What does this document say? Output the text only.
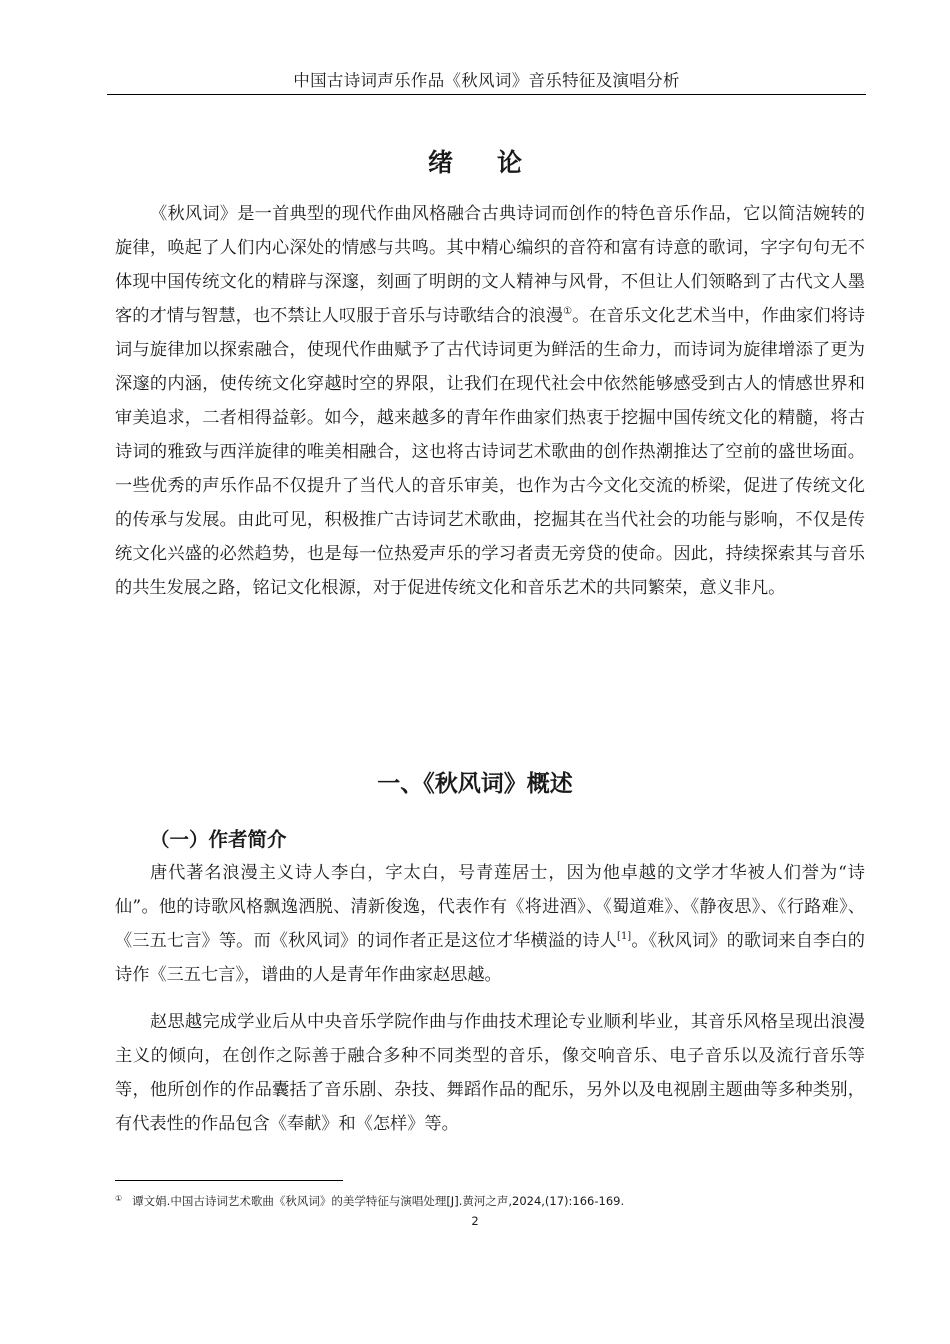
中国古诗词声乐作品《秋风词》音乐特征及演唱分析
绪论

《秋风词》是一首典型的现代作曲风格融合古典诗词而创作的特色音乐作品，它以简洁婉转的旋律，唤起了人们内心深处的情感与共鸣。其中精心编织的音符和富有诗意的歌词，字字句句无不体现中国传统文化的精辟与深邃，刻画了明朗的文人精神与风骨，不但让人们领略到了古代文人墨客的才情与智慧，也不禁让人叹服于音乐与诗歌结合的浪漫①。在音乐文化艺术当中，作曲家们将诗词与旋律加以探索融合，使现代作曲赋予了古代诗词更为鲜活的生命力，而诗词为旋律增添了更为深邃的内涵，使传统文化穿越时空的界限，让我们在现代社会中依然能够感受到古人的情感世界和审美追求，二者相得益彰。如今，越来越多的青年作曲家们热衷于挖掘中国传统文化的精髓，将古诗词的雅致与西洋旋律的唯美相融合，这也将古诗词艺术歌曲的创作热潮推达了空前的盛世场面。一些优秀的声乐作品不仅提升了当代人的音乐审美，也作为古今文化交流的桥梁，促进了传统文化的传承与发展。由此可见，积极推广古诗词艺术歌曲，挖掘其在当代社会的功能与影响，不仅是传统文化兴盛的必然趋势，也是每一位热爱声乐的学习者责无旁贷的使命。因此，持续探索其与音乐的共生发展之路，铭记文化根源，对于促进传统文化和音乐艺术的共同繁荣，意义非凡。

一、《秋风词》概述
（一）作者简介

唐代著名浪漫主义诗人李白，字太白，号青莲居士，因为他卓越的文学才华被人们誉为“诗仙”。他的诗歌风格飘逸洒脱、清新俊逸，代表作有《将进酒》、《蜀道难》、《静夜思》、《行路难》、《三五七言》等。而《秋风词》的词作者正是这位才华横溢的诗人[1]。《秋风词》的歌词来自李白的诗作《三五七言》，谱曲的人是青年作曲家赵思越。

赵思越完成学业后从中央音乐学院作曲与作曲技术理论专业顺利毕业，其音乐风格呈现出浪漫主义的倾向，在创作之际善于融合多种不同类型的音乐，像交响音乐、电子音乐以及流行音乐等等，他所创作的作品囊括了音乐剧、杂技、舞蹈作品的配乐，另外以及电视剧主题曲等多种类别，有代表性的作品包含《奉献》和《怎样》等。

① 谭文娟.中国古诗词艺术歌曲《秋风词》的美学特征与演唱处理[J].黄河之声,2024,(17):166-169.
2
